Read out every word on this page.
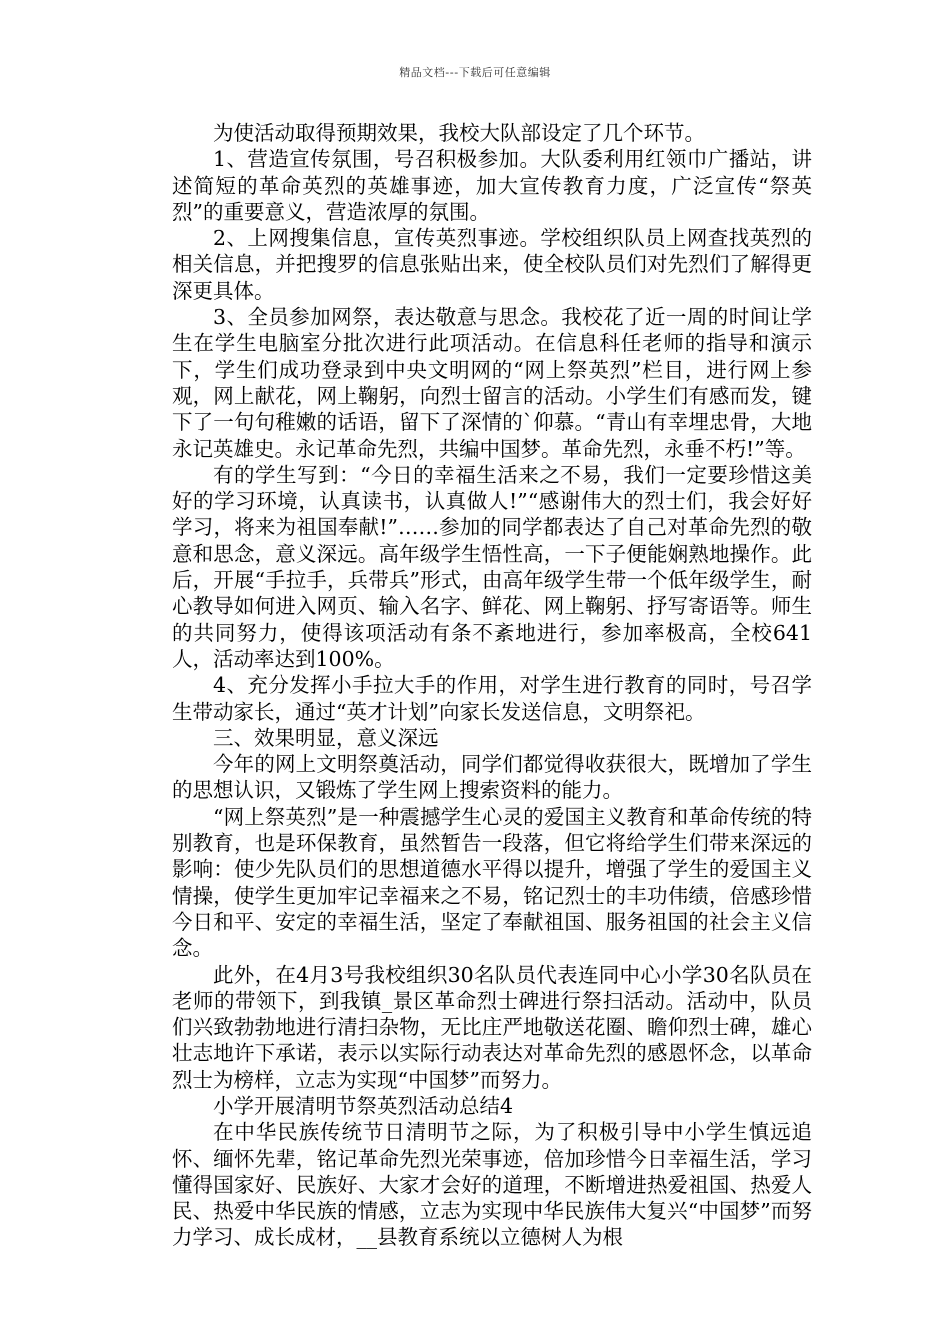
精品文档---下载后可任意编辑

为使活动取得预期效果，我校大队部设定了几个环节。

1、营造宣传氛围，号召积极参加。大队委利用红领巾广播站，讲述简短的革命英烈的英雄事迹，加大宣传教育力度，广泛宣传“祭英烈”的重要意义，营造浓厚的氛围。

2、上网搜集信息，宣传英烈事迹。学校组织队员上网查找英烈的相关信息，并把搜罗的信息张贴出来，使全校队员们对先烈们了解得更深更具体。

3、全员参加网祭，表达敬意与思念。我校花了近一周的时间让学生在学生电脑室分批次进行此项活动。在信息科任老师的指导和演示下，学生们成功登录到中央文明网的“网上祭英烈”栏目，进行网上参观，网上献花，网上鞠躬，向烈士留言的活动。小学生们有感而发，键下了一句句稚嫩的话语，留下了深情的`仰慕。“青山有幸埋忠骨，大地永记英雄史。永记革命先烈，共编中国梦。革命先烈，永垂不朽!”等。

有的学生写到：“今日的幸福生活来之不易，我们一定要珍惜这美好的学习环境，认真读书，认真做人!”“感谢伟大的烈士们，我会好好学习，将来为祖国奉献!”……参加的同学都表达了自己对革命先烈的敬意和思念，意义深远。高年级学生悟性高，一下子便能娴熟地操作。此后，开展“手拉手，兵带兵”形式，由高年级学生带一个低年级学生，耐心教导如何进入网页、输入名字、鲜花、网上鞠躬、抒写寄语等。师生的共同努力，使得该项活动有条不紊地进行，参加率极高，全校641人，活动率达到100%。

4、充分发挥小手拉大手的作用，对学生进行教育的同时，号召学生带动家长，通过“英才计划”向家长发送信息，文明祭祀。

三、效果明显，意义深远

今年的网上文明祭奠活动，同学们都觉得收获很大，既增加了学生的思想认识，又锻炼了学生网上搜索资料的能力。

“网上祭英烈”是一种震撼学生心灵的爱国主义教育和革命传统的特别教育，也是环保教育，虽然暂告一段落，但它将给学生们带来深远的影响：使少先队员们的思想道德水平得以提升，增强了学生的爱国主义情操，使学生更加牢记幸福来之不易，铭记烈士的丰功伟绩，倍感珍惜今日和平、安定的幸福生活，坚定了奉献祖国、服务祖国的社会主义信念。

此外，在4月3号我校组织30名队员代表连同中心小学30名队员在老师的带领下，到我镇_景区革命烈士碑进行祭扫活动。活动中，队员们兴致勃勃地进行清扫杂物，无比庄严地敬送花圈、瞻仰烈士碑，雄心壮志地许下承诺，表示以实际行动表达对革命先烈的感恩怀念，以革命烈士为榜样，立志为实现“中国梦”而努力。

小学开展清明节祭英烈活动总结4

在中华民族传统节日清明节之际，为了积极引导中小学生慎远追怀、缅怀先辈，铭记革命先烈光荣事迹，倍加珍惜今日幸福生活，学习懂得国家好、民族好、大家才会好的道理，不断增进热爱祖国、热爱人民、热爱中华民族的情感，立志为实现中华民族伟大复兴“中国梦”而努力学习、成长成材，__县教育系统以立德树人为根
